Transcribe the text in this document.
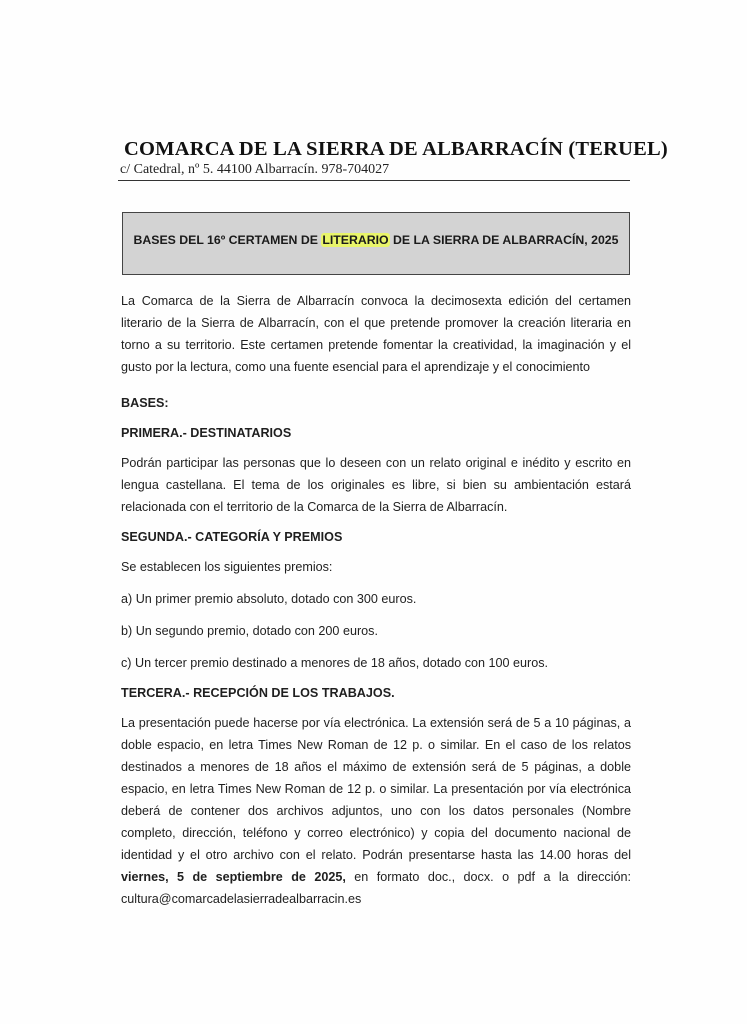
COMARCA DE LA SIERRA DE ALBARRACÍN (TERUEL)
c/ Catedral, nº 5. 44100 Albarracín. 978-704027
BASES DEL 16º CERTAMEN DE LITERARIO DE LA SIERRA DE ALBARRACÍN, 2025

La Comarca de la Sierra de Albarracín convoca la decimosexta edición del certamen literario de la Sierra de Albarracín, con el que pretende promover la creación literaria en torno a su territorio. Este certamen pretende fomentar la creatividad, la imaginación y el gusto por la lectura, como una fuente esencial para el aprendizaje y el conocimiento

BASES:

PRIMERA.- DESTINATARIOS

Podrán participar las personas que lo deseen con un relato original e inédito y escrito en lengua castellana. El tema de los originales es libre, si bien su ambientación estará relacionada con el territorio de la Comarca de la Sierra de Albarracín.

SEGUNDA.- CATEGORÍA Y PREMIOS

Se establecen los siguientes premios:

a) Un primer premio absoluto, dotado con 300 euros.

b) Un segundo premio, dotado con 200 euros.

c) Un tercer premio destinado a menores de 18 años, dotado con 100 euros.

TERCERA.- RECEPCIÓN DE LOS TRABAJOS.

La presentación puede hacerse por vía electrónica. La extensión será de 5 a 10 páginas, a doble espacio, en letra Times New Roman de 12 p. o similar. En el caso de los relatos destinados a menores de 18 años el máximo de extensión será de 5 páginas, a doble espacio, en letra Times New Roman de 12 p. o similar. La presentación por vía electrónica deberá de contener dos archivos adjuntos, uno con los datos personales (Nombre completo, dirección, teléfono y correo electrónico) y copia del documento nacional de identidad y el otro archivo con el relato. Podrán presentarse hasta las 14.00 horas del viernes, 5 de septiembre de 2025, en formato doc., docx. o pdf a la dirección: cultura@comarcadelasierradealbarracin.es
